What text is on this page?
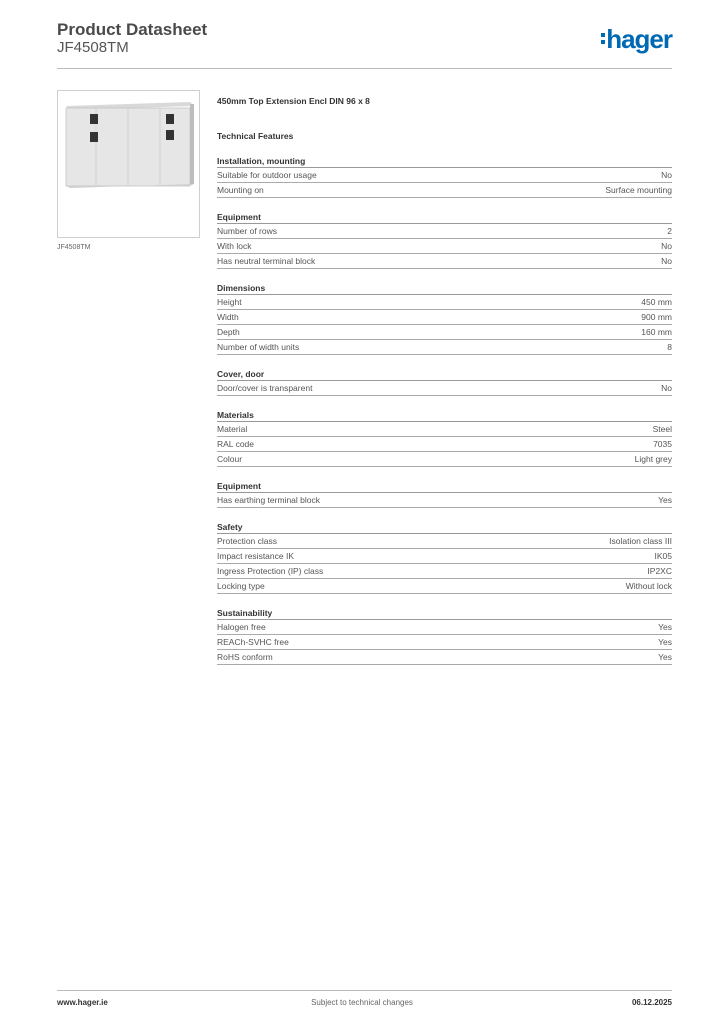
Product Datasheet
JF4508TM	hager
JF4508TM
450mm Top Extension Encl DIN 96 x 8
Technical Features
Installation, mounting
Suitable for outdoor usage	No
Mounting on	Surface mounting
Equipment
Number of rows	2
With lock	No
Has neutral terminal block	No
Dimensions
Height	450 mm
Width	900 mm
Depth	160 mm
Number of width units	8
Cover, door
Door/cover is transparent	No
Materials
Material	Steel
RAL code	7035
Colour	Light grey
Equipment
Has earthing terminal block	Yes
Safety
Protection class	Isolation class III
Impact resistance IK	IK05
Ingress Protection (IP) class	IP2XC
Locking type	Without lock
Sustainability
Halogen free	Yes
REACh-SVHC free	Yes
RoHS conform	Yes
www.hager.ie	Subject to technical changes	06.12.2025
